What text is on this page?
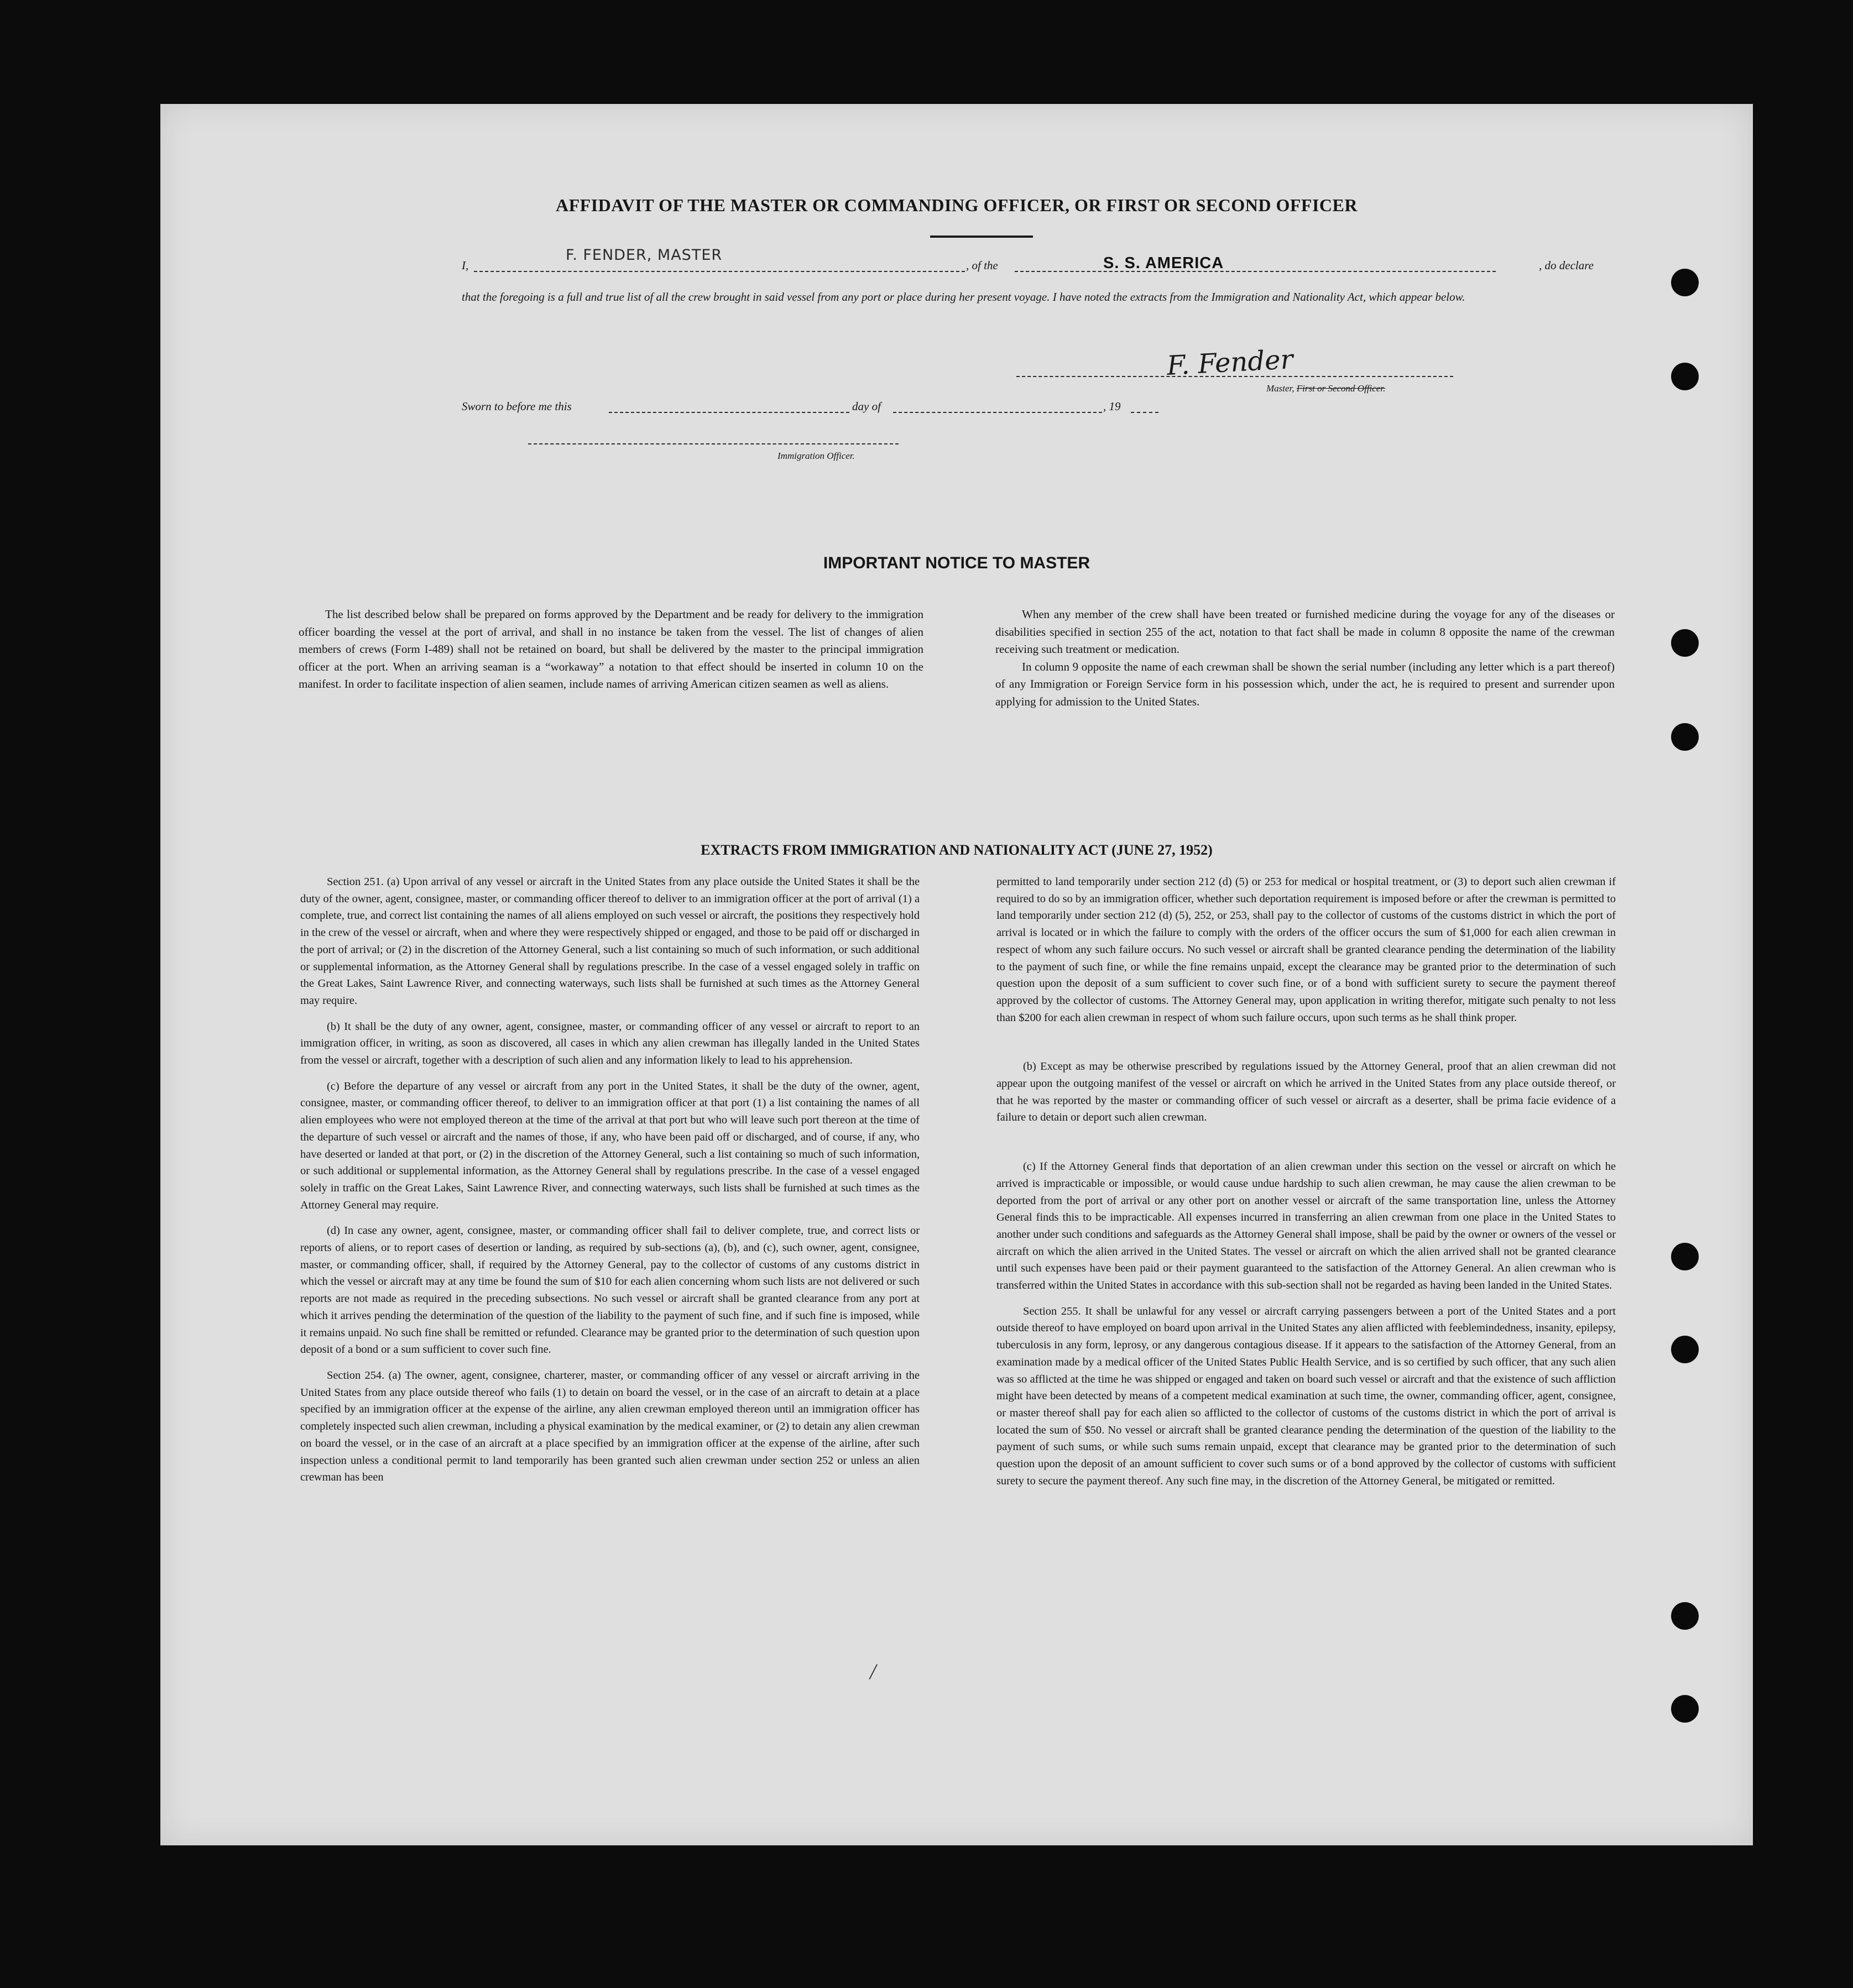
AFFIDAVIT OF THE MASTER OR COMMANDING OFFICER, OR FIRST OR SECOND OFFICER
I,
F. FENDER, MASTER
, of the	S. S. AMERICA	, do declare
that the foregoing is a full and true list of all the crew brought in said vessel from any port or place during her present voyage. I have noted the extracts from the Immigration and Nationality Act, which appear below.
F. Fender
Master, First or Second Officer.
Sworn to before me this	day of	, 19
Immigration Officer.
IMPORTANT NOTICE TO MASTER

The list described below shall be prepared on forms approved by the Department and be ready for delivery to the immigration officer boarding the vessel at the port of arrival, and shall in no instance be taken from the vessel. The list of changes of alien members of crews (Form I-489) shall not be retained on board, but shall be delivered by the master to the principal immigration officer at the port. When an arriving seaman is a “workaway” a notation to that effect should be inserted in column 10 on the manifest. In order to facilitate inspection of alien seamen, include names of arriving American citizen seamen as well as aliens.

When any member of the crew shall have been treated or furnished medicine during the voyage for any of the diseases or disabilities specified in section 255 of the act, notation to that fact shall be made in column 8 opposite the name of the crewman receiving such treatment or medication.

In column 9 opposite the name of each crewman shall be shown the serial number (including any letter which is a part thereof) of any Immigration or Foreign Service form in his possession which, under the act, he is required to present and surrender upon applying for admission to the United States.

EXTRACTS FROM IMMIGRATION AND NATIONALITY ACT (JUNE 27, 1952)

Section 251. (a) Upon arrival of any vessel or aircraft in the United States from any place outside the United States it shall be the duty of the owner, agent, consignee, master, or commanding officer thereof to deliver to an immigration officer at the port of arrival (1) a complete, true, and correct list containing the names of all aliens employed on such vessel or aircraft, the positions they respectively hold in the crew of the vessel or aircraft, when and where they were respectively shipped or engaged, and those to be paid off or discharged in the port of arrival; or (2) in the discretion of the Attorney General, such a list containing so much of such information, or such additional or supplemental information, as the Attorney General shall by regulations prescribe. In the case of a vessel engaged solely in traffic on the Great Lakes, Saint Lawrence River, and connecting waterways, such lists shall be furnished at such times as the Attorney General may require.

(b) It shall be the duty of any owner, agent, consignee, master, or commanding officer of any vessel or aircraft to report to an immigration officer, in writing, as soon as discovered, all cases in which any alien crewman has illegally landed in the United States from the vessel or aircraft, together with a description of such alien and any information likely to lead to his apprehension.

(c) Before the departure of any vessel or aircraft from any port in the United States, it shall be the duty of the owner, agent, consignee, master, or commanding officer thereof, to deliver to an immigration officer at that port (1) a list containing the names of all alien employees who were not employed thereon at the time of the arrival at that port but who will leave such port thereon at the time of the departure of such vessel or aircraft and the names of those, if any, who have been paid off or discharged, and of course, if any, who have deserted or landed at that port, or (2) in the discretion of the Attorney General, such a list containing so much of such information, or such additional or supplemental information, as the Attorney General shall by regulations prescribe. In the case of a vessel engaged solely in traffic on the Great Lakes, Saint Lawrence River, and connecting waterways, such lists shall be furnished at such times as the Attorney General may require.

(d) In case any owner, agent, consignee, master, or commanding officer shall fail to deliver complete, true, and correct lists or reports of aliens, or to report cases of desertion or landing, as required by sub-sections (a), (b), and (c), such owner, agent, consignee, master, or commanding officer, shall, if required by the Attorney General, pay to the collector of customs of any customs district in which the vessel or aircraft may at any time be found the sum of $10 for each alien concerning whom such lists are not delivered or such reports are not made as required in the preceding subsections. No such vessel or aircraft shall be granted clearance from any port at which it arrives pending the determination of the question of the liability to the payment of such fine, and if such fine is imposed, while it remains unpaid. No such fine shall be remitted or refunded. Clearance may be granted prior to the determination of such question upon deposit of a bond or a sum sufficient to cover such fine.

Section 254. (a) The owner, agent, consignee, charterer, master, or commanding officer of any vessel or aircraft arriving in the United States from any place outside thereof who fails (1) to detain on board the vessel, or in the case of an aircraft to detain at a place specified by an immigration officer at the expense of the airline, any alien crewman employed thereon until an immigration officer has completely inspected such alien crewman, including a physical examination by the medical examiner, or (2) to detain any alien crewman on board the vessel, or in the case of an aircraft at a place specified by an immigration officer at the expense of the airline, after such inspection unless a conditional permit to land temporarily has been granted such alien crewman under section 252 or unless an alien crewman has been

permitted to land temporarily under section 212 (d) (5) or 253 for medical or hospital treatment, or (3) to deport such alien crewman if required to do so by an immigration officer, whether such deportation requirement is imposed before or after the crewman is permitted to land temporarily under section 212 (d) (5), 252, or 253, shall pay to the collector of customs of the customs district in which the port of arrival is located or in which the failure to comply with the orders of the officer occurs the sum of $1,000 for each alien crewman in respect of whom any such failure occurs. No such vessel or aircraft shall be granted clearance pending the determination of the liability to the payment of such fine, or while the fine remains unpaid, except the clearance may be granted prior to the determination of such question upon the deposit of a sum sufficient to cover such fine, or of a bond with sufficient surety to secure the payment thereof approved by the collector of customs. The Attorney General may, upon application in writing therefor, mitigate such penalty to not less than $200 for each alien crewman in respect of whom such failure occurs, upon such terms as he shall think proper.

(b) Except as may be otherwise prescribed by regulations issued by the Attorney General, proof that an alien crewman did not appear upon the outgoing manifest of the vessel or aircraft on which he arrived in the United States from any place outside thereof, or that he was reported by the master or commanding officer of such vessel or aircraft as a deserter, shall be prima facie evidence of a failure to detain or deport such alien crewman.

(c) If the Attorney General finds that deportation of an alien crewman under this section on the vessel or aircraft on which he arrived is impracticable or impossible, or would cause undue hardship to such alien crewman, he may cause the alien crewman to be deported from the port of arrival or any other port on another vessel or aircraft of the same transportation line, unless the Attorney General finds this to be impracticable. All expenses incurred in transferring an alien crewman from one place in the United States to another under such conditions and safeguards as the Attorney General shall impose, shall be paid by the owner or owners of the vessel or aircraft on which the alien arrived in the United States. The vessel or aircraft on which the alien arrived shall not be granted clearance until such expenses have been paid or their payment guaranteed to the satisfaction of the Attorney General. An alien crewman who is transferred within the United States in accordance with this sub-section shall not be regarded as having been landed in the United States.

Section 255. It shall be unlawful for any vessel or aircraft carrying passengers between a port of the United States and a port outside thereof to have employed on board upon arrival in the United States any alien afflicted with feeblemindedness, insanity, epilepsy, tuberculosis in any form, leprosy, or any dangerous contagious disease. If it appears to the satisfaction of the Attorney General, from an examination made by a medical officer of the United States Public Health Service, and is so certified by such officer, that any such alien was so afflicted at the time he was shipped or engaged and taken on board such vessel or aircraft and that the existence of such affliction might have been detected by means of a competent medical examination at such time, the owner, commanding officer, agent, consignee, or master thereof shall pay for each alien so afflicted to the collector of customs of the customs district in which the port of arrival is located the sum of $50. No vessel or aircraft shall be granted clearance pending the determination of the question of the liability to the payment of such sums, or while such sums remain unpaid, except that clearance may be granted prior to the determination of such question upon the deposit of an amount sufficient to cover such sums or of a bond approved by the collector of customs with sufficient surety to secure the payment thereof. Any such fine may, in the discretion of the Attorney General, be mitigated or remitted.

/
